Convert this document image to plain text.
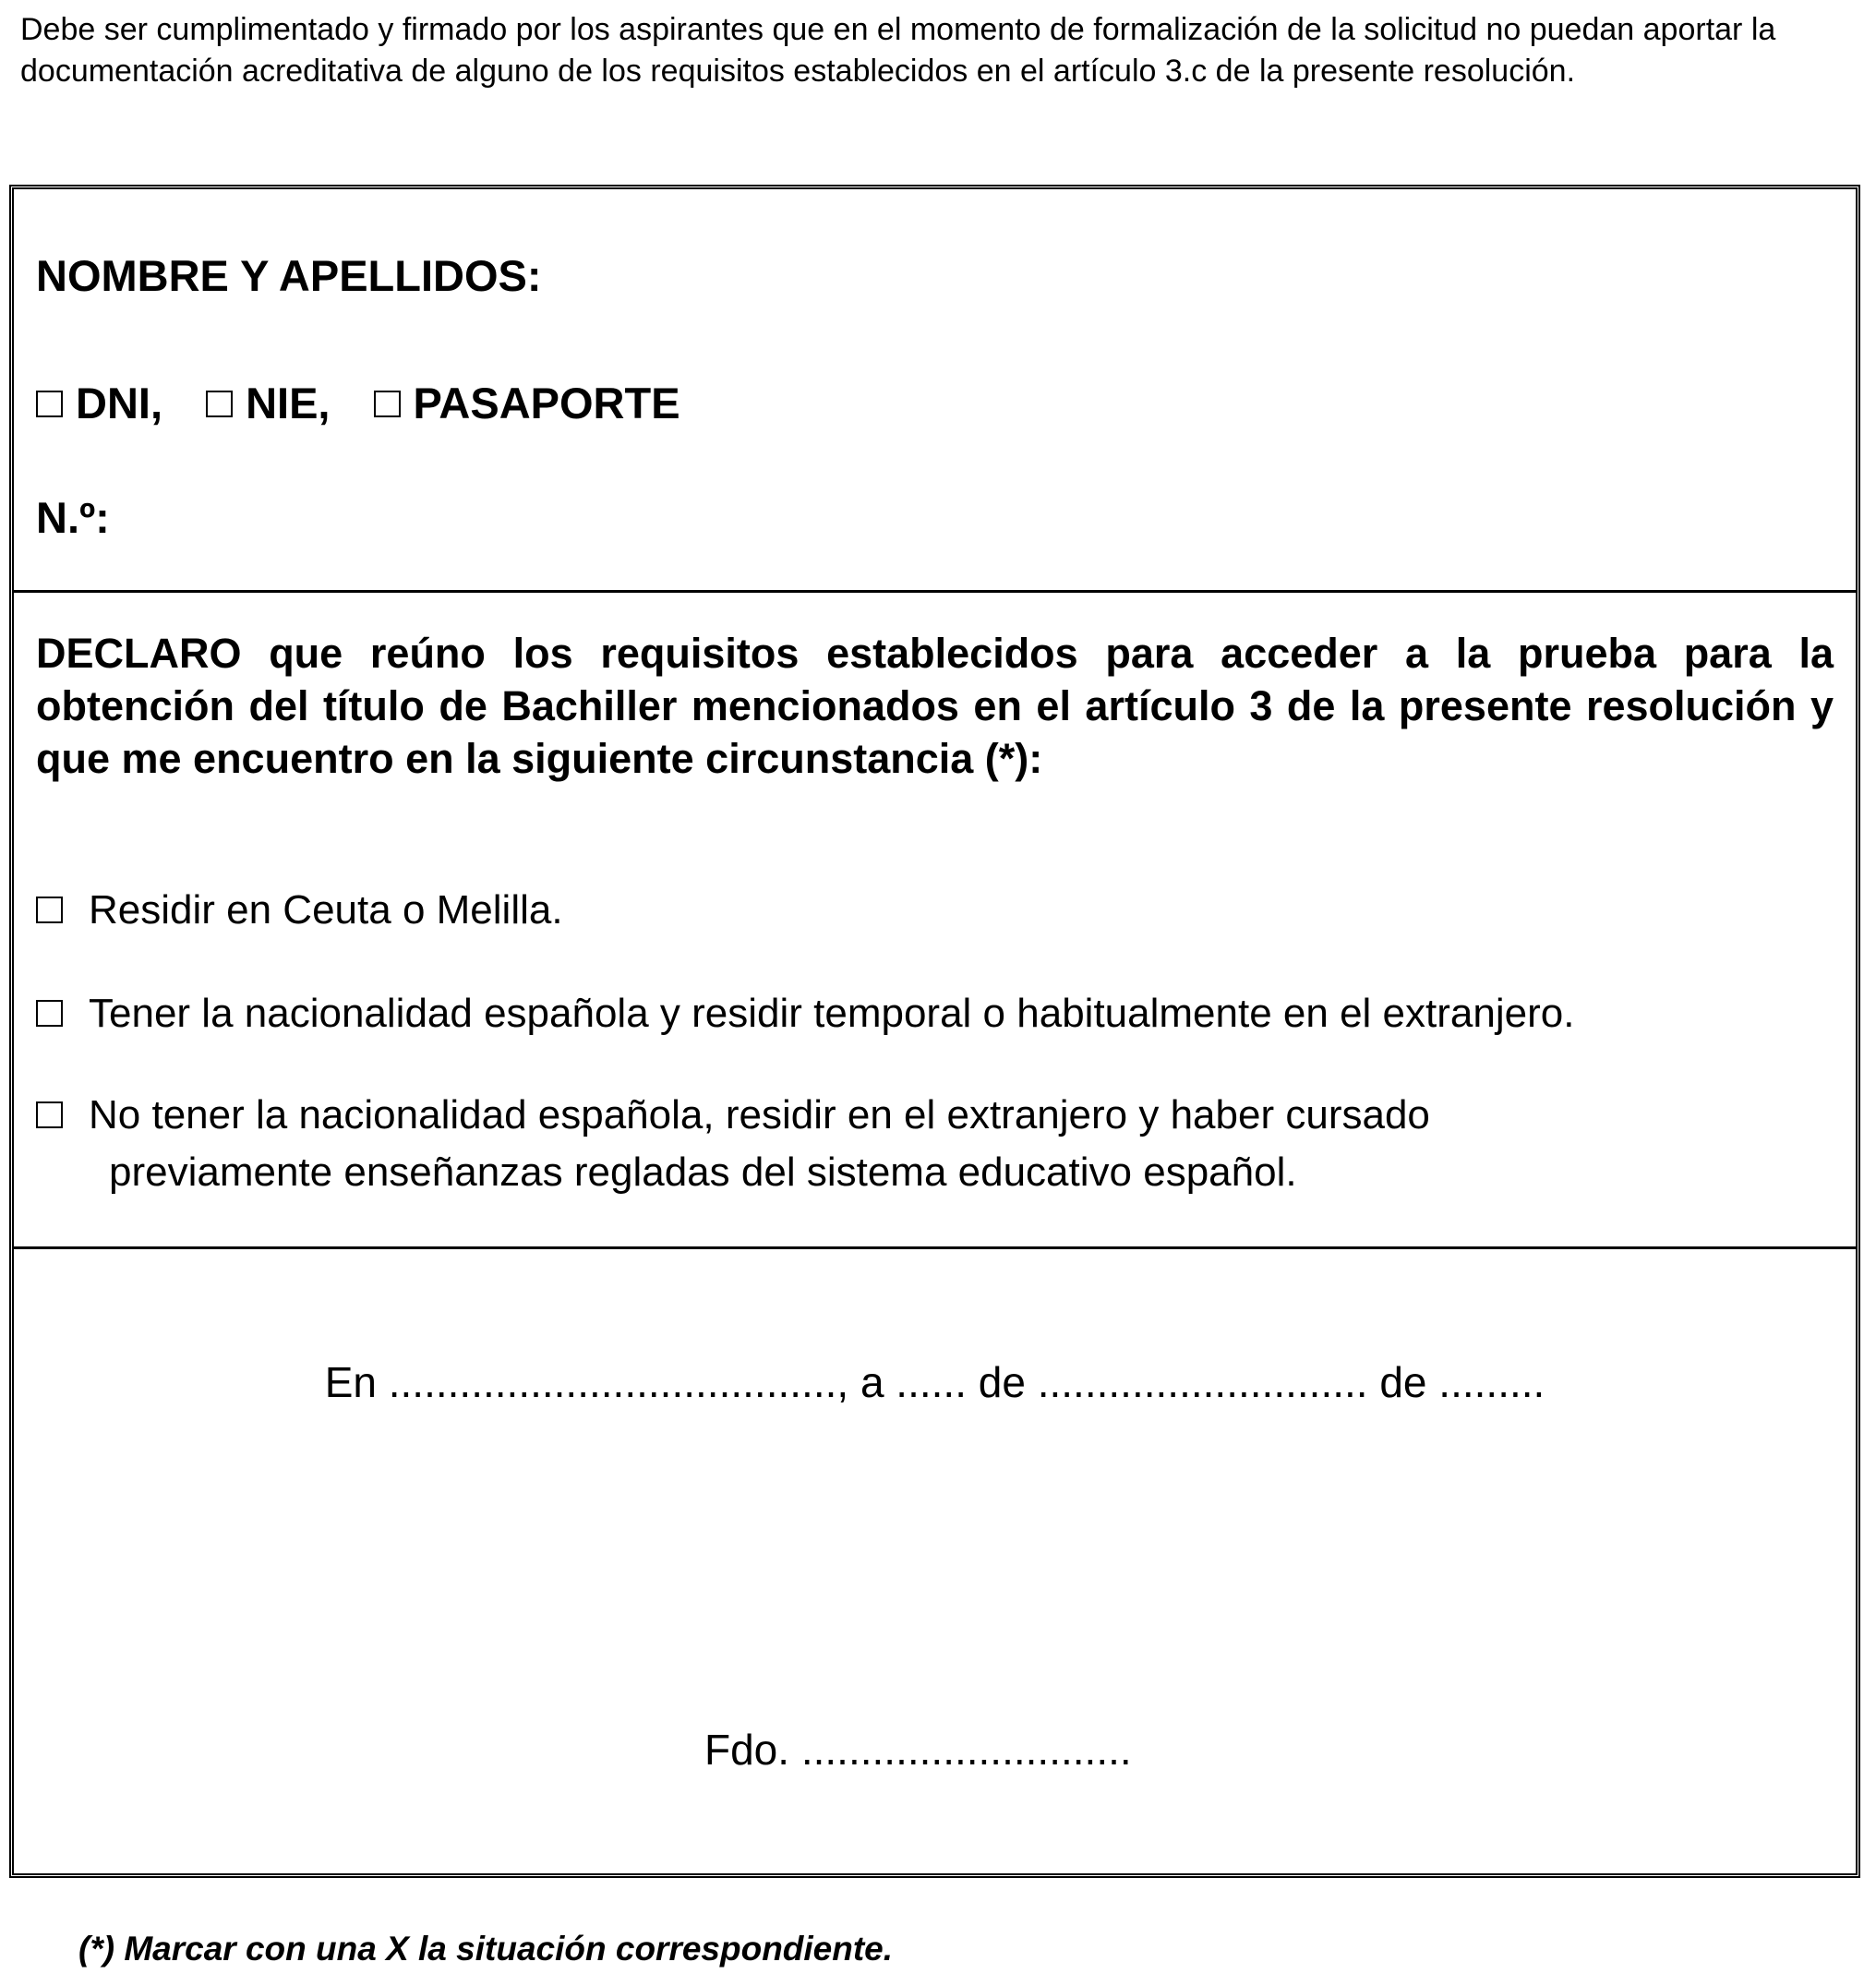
Debe ser cumplimentado y firmado por los aspirantes que en el momento de formalización de la solicitud no puedan aportar la documentación acreditativa de alguno de los requisitos establecidos en el artículo 3.c de la presente resolución.
NOMBRE Y APELLIDOS:
DNI, NIE, PASAPORTE
N.º:
DECLARO que reúno los requisitos establecidos para acceder a la prueba para la obtención del título de Bachiller mencionados en el artículo 3 de la presente resolución y que me encuentro en la siguiente circunstancia (*):
Residir en Ceuta o Melilla.
Tener la nacionalidad española y residir temporal o habitualmente en el extranjero.
No tener la nacionalidad española, residir en el extranjero y haber cursado
previamente enseñanzas regladas del sistema educativo español.
En ......................................, a ...... de ............................ de .........
Fdo. ............................
(*) Marcar con una X la situación correspondiente.
